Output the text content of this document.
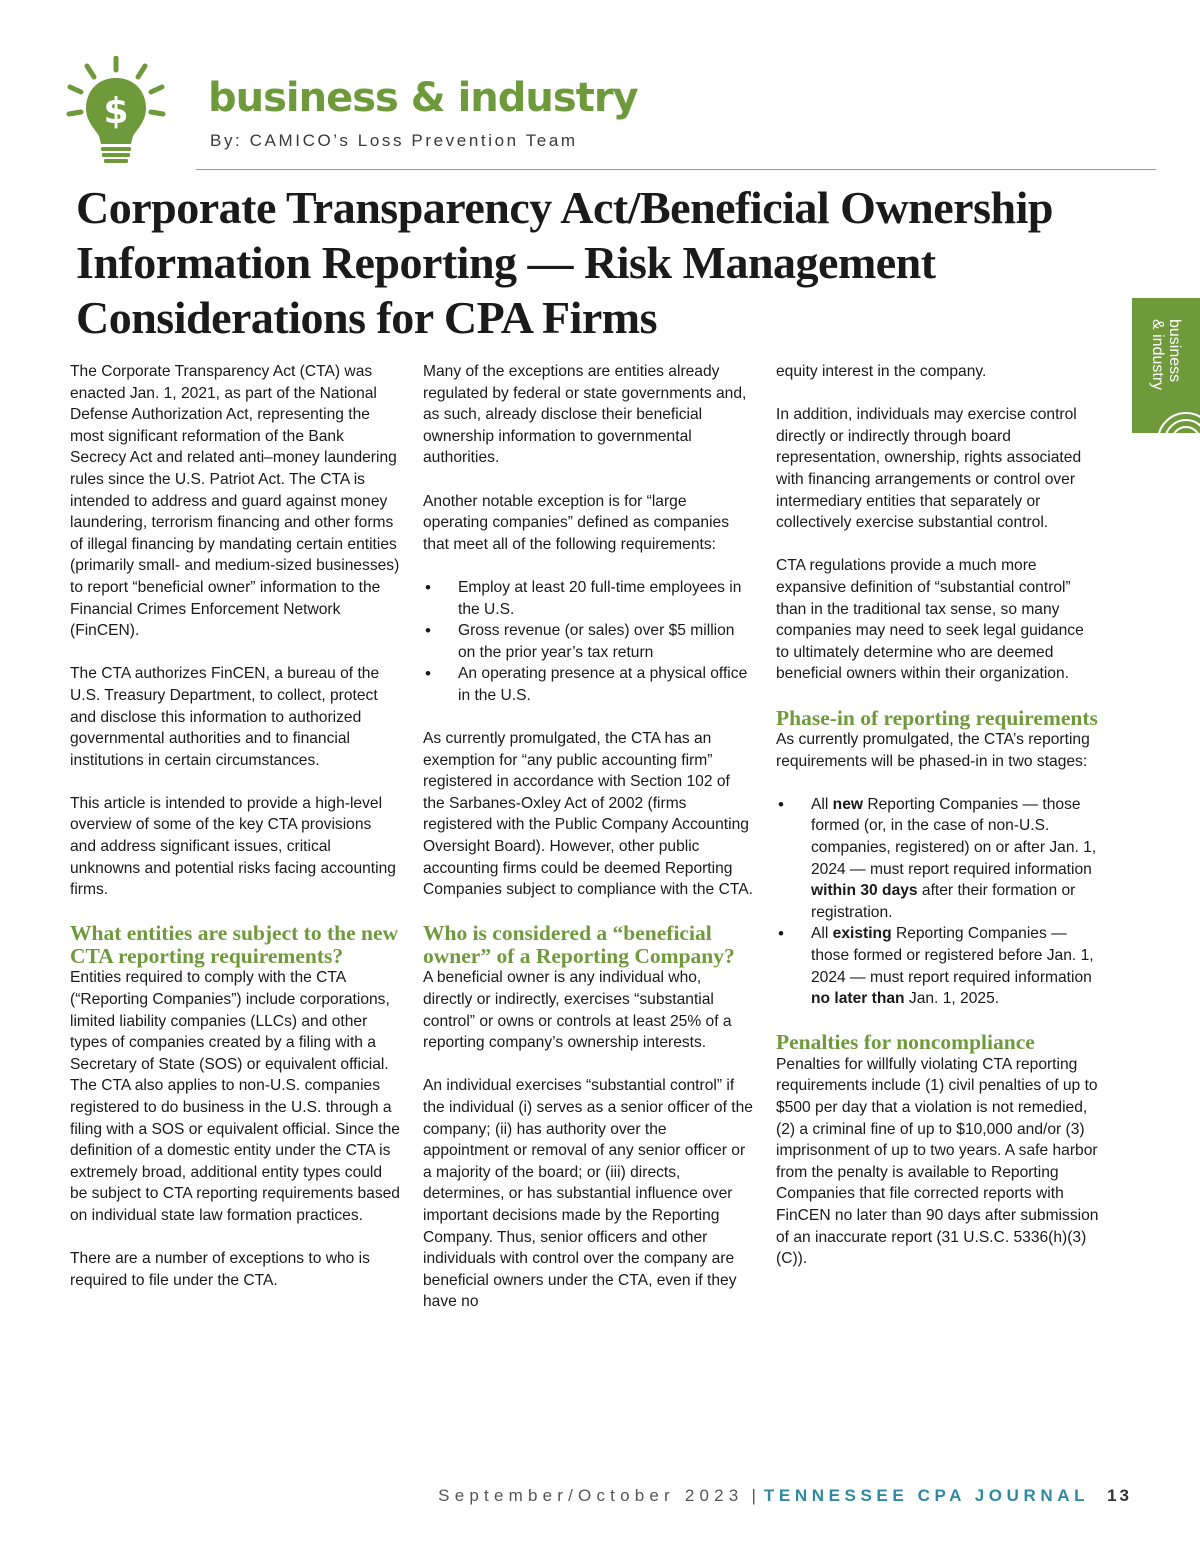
$ business & industry
By: CAMICO’s Loss Prevention Team
Corporate Transparency Act/Beneficial Ownership
Information Reporting — Risk Management
Considerations for CPA Firms
business
& industry

The Corporate Transparency Act (CTA) was enacted Jan. 1, 2021, as part of the National Defense Authorization Act, representing the most significant reformation of the Bank Secrecy Act and related anti–money laundering rules since the U.S. Patriot Act. The CTA is intended to address and guard against money laundering, terrorism financing and other forms of illegal financing by mandating certain entities (primarily small- and medium-sized businesses) to report “beneficial owner” information to the Financial Crimes Enforcement Network (FinCEN).

The CTA authorizes FinCEN, a bureau of the U.S. Treasury Department, to collect, protect and disclose this information to authorized governmental authorities and to financial institutions in certain circumstances.

This article is intended to provide a high-level overview of some of the key CTA provisions and address significant issues, critical unknowns and potential risks facing accounting firms.

What entities are subject to the new CTA reporting requirements?

Entities required to comply with the CTA (“Reporting Companies”) include corporations, limited liability companies (LLCs) and other types of companies created by a filing with a Secretary of State (SOS) or equivalent official. The CTA also applies to non-U.S. companies registered to do business in the U.S. through a filing with a SOS or equivalent official. Since the definition of a domestic entity under the CTA is extremely broad, additional entity types could be subject to CTA reporting requirements based on individual state law formation practices.

There are a number of exceptions to who is required to file under the CTA.

Many of the exceptions are entities already regulated by federal or state governments and, as such, already disclose their beneficial ownership information to governmental authorities.

Another notable exception is for “large operating companies” defined as companies that meet all of the following requirements:

• Employ at least 20 full-time employees in the U.S.
• Gross revenue (or sales) over $5 million on the prior year’s tax return
• An operating presence at a physical office in the U.S.

As currently promulgated, the CTA has an exemption for “any public accounting firm” registered in accordance with Section 102 of the Sarbanes-Oxley Act of 2002 (firms registered with the Public Company Accounting Oversight Board). However, other public accounting firms could be deemed Reporting Companies subject to compliance with the CTA.

Who is considered a “beneficial owner” of a Reporting Company?

A beneficial owner is any individual who, directly or indirectly, exercises “substantial control” or owns or controls at least 25% of a reporting company’s ownership interests.

An individual exercises “substantial control” if the individual (i) serves as a senior officer of the company; (ii) has authority over the appointment or removal of any senior officer or a majority of the board; or (iii) directs, determines, or has substantial influence over important decisions made by the Reporting Company. Thus, senior officers and other individuals with control over the company are beneficial owners under the CTA, even if they have no

equity interest in the company.

In addition, individuals may exercise control directly or indirectly through board representation, ownership, rights associated with financing arrangements or control over intermediary entities that separately or collectively exercise substantial control.

CTA regulations provide a much more expansive definition of “substantial control” than in the traditional tax sense, so many companies may need to seek legal guidance to ultimately determine who are deemed beneficial owners within their organization.

Phase-in of reporting requirements

As currently promulgated, the CTA’s reporting requirements will be phased-in in two stages:

• All new Reporting Companies — those formed (or, in the case of non-U.S. companies, registered) on or after Jan. 1, 2024 — must report required information within 30 days after their formation or registration.
• All existing Reporting Companies — those formed or registered before Jan. 1, 2024 — must report required information no later than Jan. 1, 2025.
Penalties for noncompliance

Penalties for willfully violating CTA reporting requirements include (1) civil penalties of up to $500 per day that a violation is not remedied, (2) a criminal fine of up to $10,000 and/or (3) imprisonment of up to two years. A safe harbor from the penalty is available to Reporting Companies that file corrected reports with FinCEN no later than 90 days after submission of an inaccurate report (31 U.S.C. 5336(h)(3)(C)).

September/October 2023 | TENNESSEE CPA JOURNAL 13
